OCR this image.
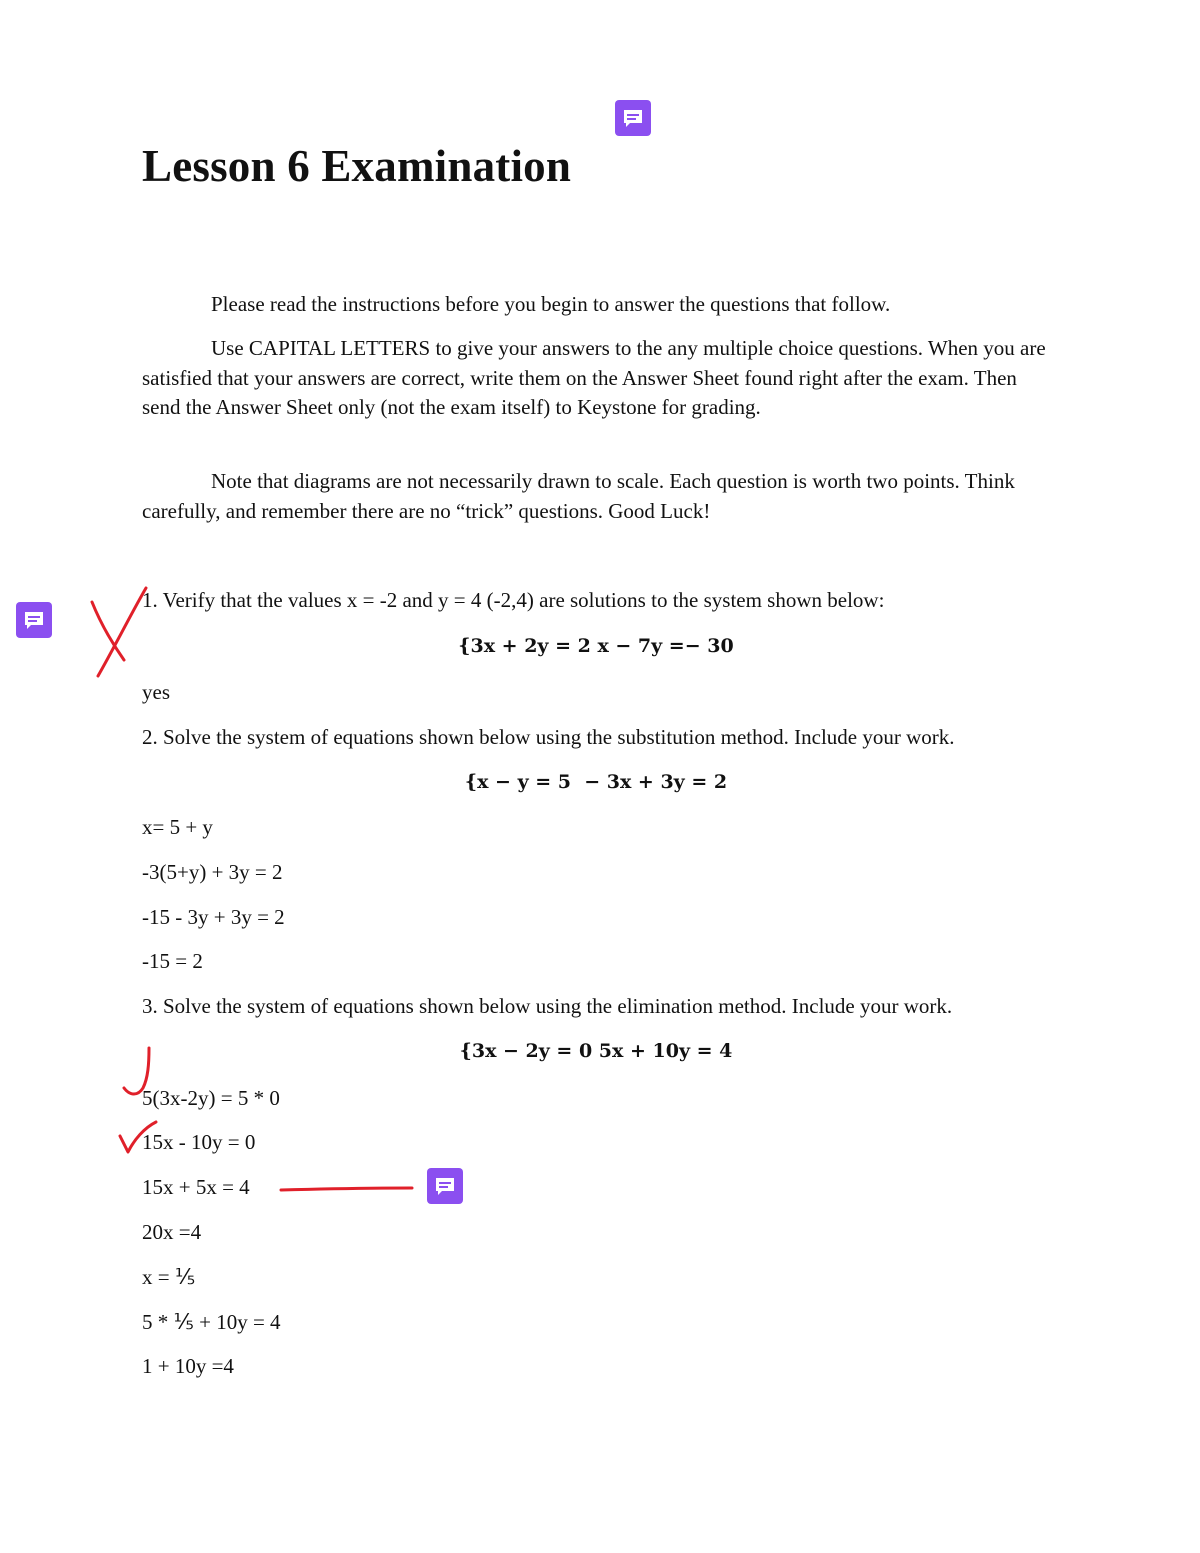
Lesson 6 Examination

Please read the instructions before you begin to answer the questions that follow.

Use CAPITAL LETTERS to give your answers to the any multiple choice questions. When you are satisfied that your answers are correct, write them on the Answer Sheet found right after the exam. Then send the Answer Sheet only (not the exam itself) to Keystone for grading.

Note that diagrams are not necessarily drawn to scale. Each question is worth two points. Think carefully, and remember there are no “trick” questions. Good Luck!

1. Verify that the values x = -2 and y = 4 (-2,4) are solutions to the system shown below:

{3x + 2y = 2 x − 7y =− 30

yes

2. Solve the system of equations shown below using the substitution method. Include your work.

{x − y = 5  − 3x + 3y = 2

x= 5 + y

-3(5+y) + 3y = 2

-15 - 3y + 3y = 2

-15 = 2

3. Solve the system of equations shown below using the elimination method. Include your work.

{3x − 2y = 0 5x + 10y = 4

5(3x-2y) = 5 * 0

15x - 10y = 0

15x + 5x = 4

20x =4

x = ⅕

5 * ⅕ + 10y = 4

1 + 10y =4
